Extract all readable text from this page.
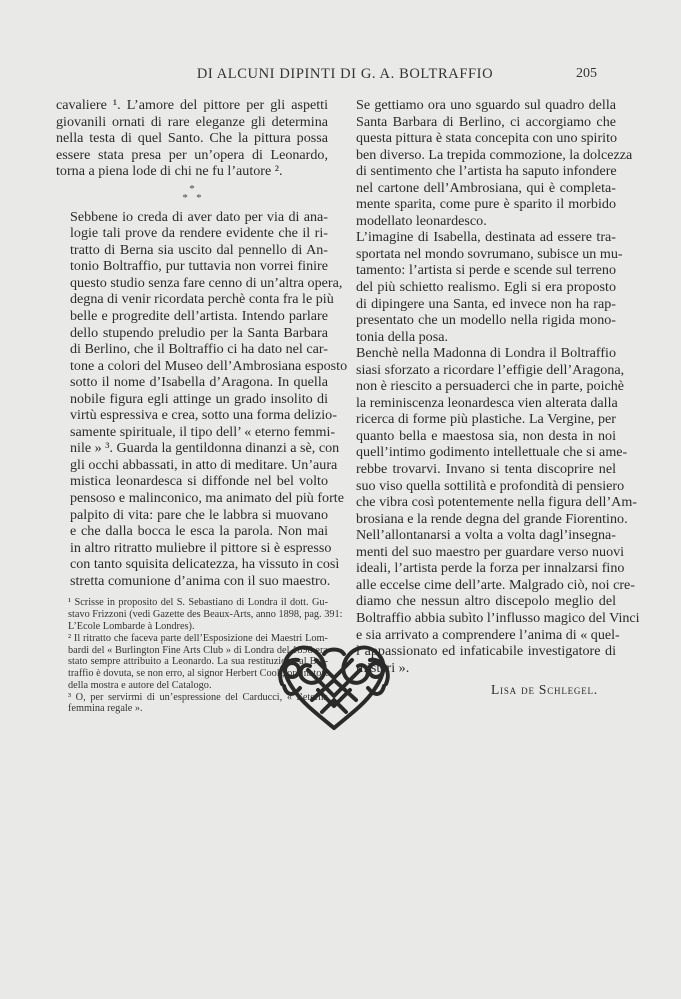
DI ALCUNI DIPINTI DI G. A. BOLTRAFFIO	205

cavaliere ¹. L’amore del pittore per gli aspetti
giovanili ornati di rare eleganze gli determina
nella testa di quel Santo. Che la pittura possa
essere stata presa per un’opera di Leonardo,
torna a piena lode di chi ne fu l’autore ².

*
*   *

Sebbene io creda di aver dato per via di ana-
logie tali prove da rendere evidente che il ri-
tratto di Berna sia uscito dal pennello di An-
tonio Boltraffio, pur tuttavia non vorrei finire
questo studio senza fare cenno di un’altra opera,
degna di venir ricordata perchè conta fra le più
belle e progredite dell’artista. Intendo parlare
dello stupendo preludio per la Santa Barbara
di Berlino, che il Boltraffio ci ha dato nel car-
tone a colori del Museo dell’Ambrosiana esposto
sotto il nome d’Isabella d’Aragona. In quella
nobile figura egli attinge un grado insolito di
virtù espressiva e crea, sotto una forma delizio-
samente spirituale, il tipo dell’ « eterno femmi-
nile » ³. Guarda la gentildonna dinanzi a sè, con
gli occhi abbassati, in atto di meditare. Un’aura
mistica leonardesca si diffonde nel bel volto
pensoso e malinconico, ma animato del più forte
palpito di vita: pare che le labbra si muovano
e che dalla bocca le esca la parola. Non mai
in altro ritratto muliebre il pittore si è espresso
con tanto squisita delicatezza, ha vissuto in così
stretta comunione d’anima con il suo maestro.

¹ Scrisse in proposito del S. Sebastiano di Londra il dott. Gu-
stavo Frizzoni (vedi Gazette des Beaux-Arts, anno 1898, pag. 391:
L’Ecole Lombarde à Londres).

² Il ritratto che faceva parte dell’Esposizione dei Maestri Lom-
bardi del « Burlington Fine Arts Club » di Londra del 1898 era
stato sempre attribuito a Leonardo. La sua restituzione al Bol-
traffio è dovuta, se non erro, al signor Herbert Cook, ordinatore
della mostra e autore del Catalogo.

³ O, per servirmi di un’espressione del Carducci, « l’eterna
femmina regale ».

Se gettiamo ora uno sguardo sul quadro della
Santa Barbara di Berlino, ci accorgiamo che
questa pittura è stata concepita con uno spirito
ben diverso. La trepida commozione, la dolcezza
di sentimento che l’artista ha saputo infondere
nel cartone dell’Ambrosiana, qui è completa-
mente sparita, come pure è sparito il morbido
modellato leonardesco.

L’imagine di Isabella, destinata ad essere tra-
sportata nel mondo sovrumano, subisce un mu-
tamento: l’artista si perde e scende sul terreno
del più schietto realismo. Egli si era proposto
di dipingere una Santa, ed invece non ha rap-
presentato che un modello nella rigida mono-
tonia della posa.

Benchè nella Madonna di Londra il Boltraffio
siasi sforzato a ricordare l’effigie dell’Aragona,
non è riescito a persuaderci che in parte, poichè
la reminiscenza leonardesca vien alterata dalla
ricerca di forme più plastiche. La Vergine, per
quanto bella e maestosa sia, non desta in noi
quell’intimo godimento intellettuale che si ame-
rebbe trovarvi. Invano si tenta discoprire nel
suo viso quella sottilità e profondità di pensiero
che vibra così potentemente nella figura dell’Am-
brosiana e la rende degna del grande Fiorentino.

Nell’allontanarsi a volta a volta dagl’insegna-
menti del suo maestro per guardare verso nuovi
ideali, l’artista perde la forza per innalzarsi fino
alle eccelse cime dell’arte. Malgrado ciò, noi cre-
diamo che nessun altro discepolo meglio del
Boltraffio abbia subìto l’influsso magico del Vinci
e sia arrivato a comprendere l’anima di « quel-
l’appassionato ed infaticabile investigatore di
misteri ».

Lisa de Schlegel.
